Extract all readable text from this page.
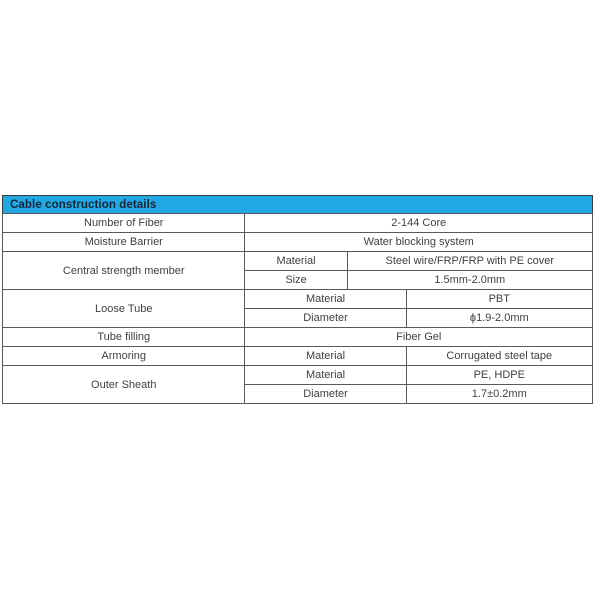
Cable construction details
Number of Fiber	2-144 Core		
Moisture Barrier	Water blocking system		
Central strength member	Material	Steel wire/FRP/FRP with PE cover	
	Size	1.5mm-2.0mm	
Loose Tube	Material		PBT
	Diameter		ϕ1.9-2.0mm
Tube filling	Fiber Gel		
Armoring	Material		Corrugated steel tape
Outer Sheath	Material		PE, HDPE
	Diameter		1.7±0.2mm
